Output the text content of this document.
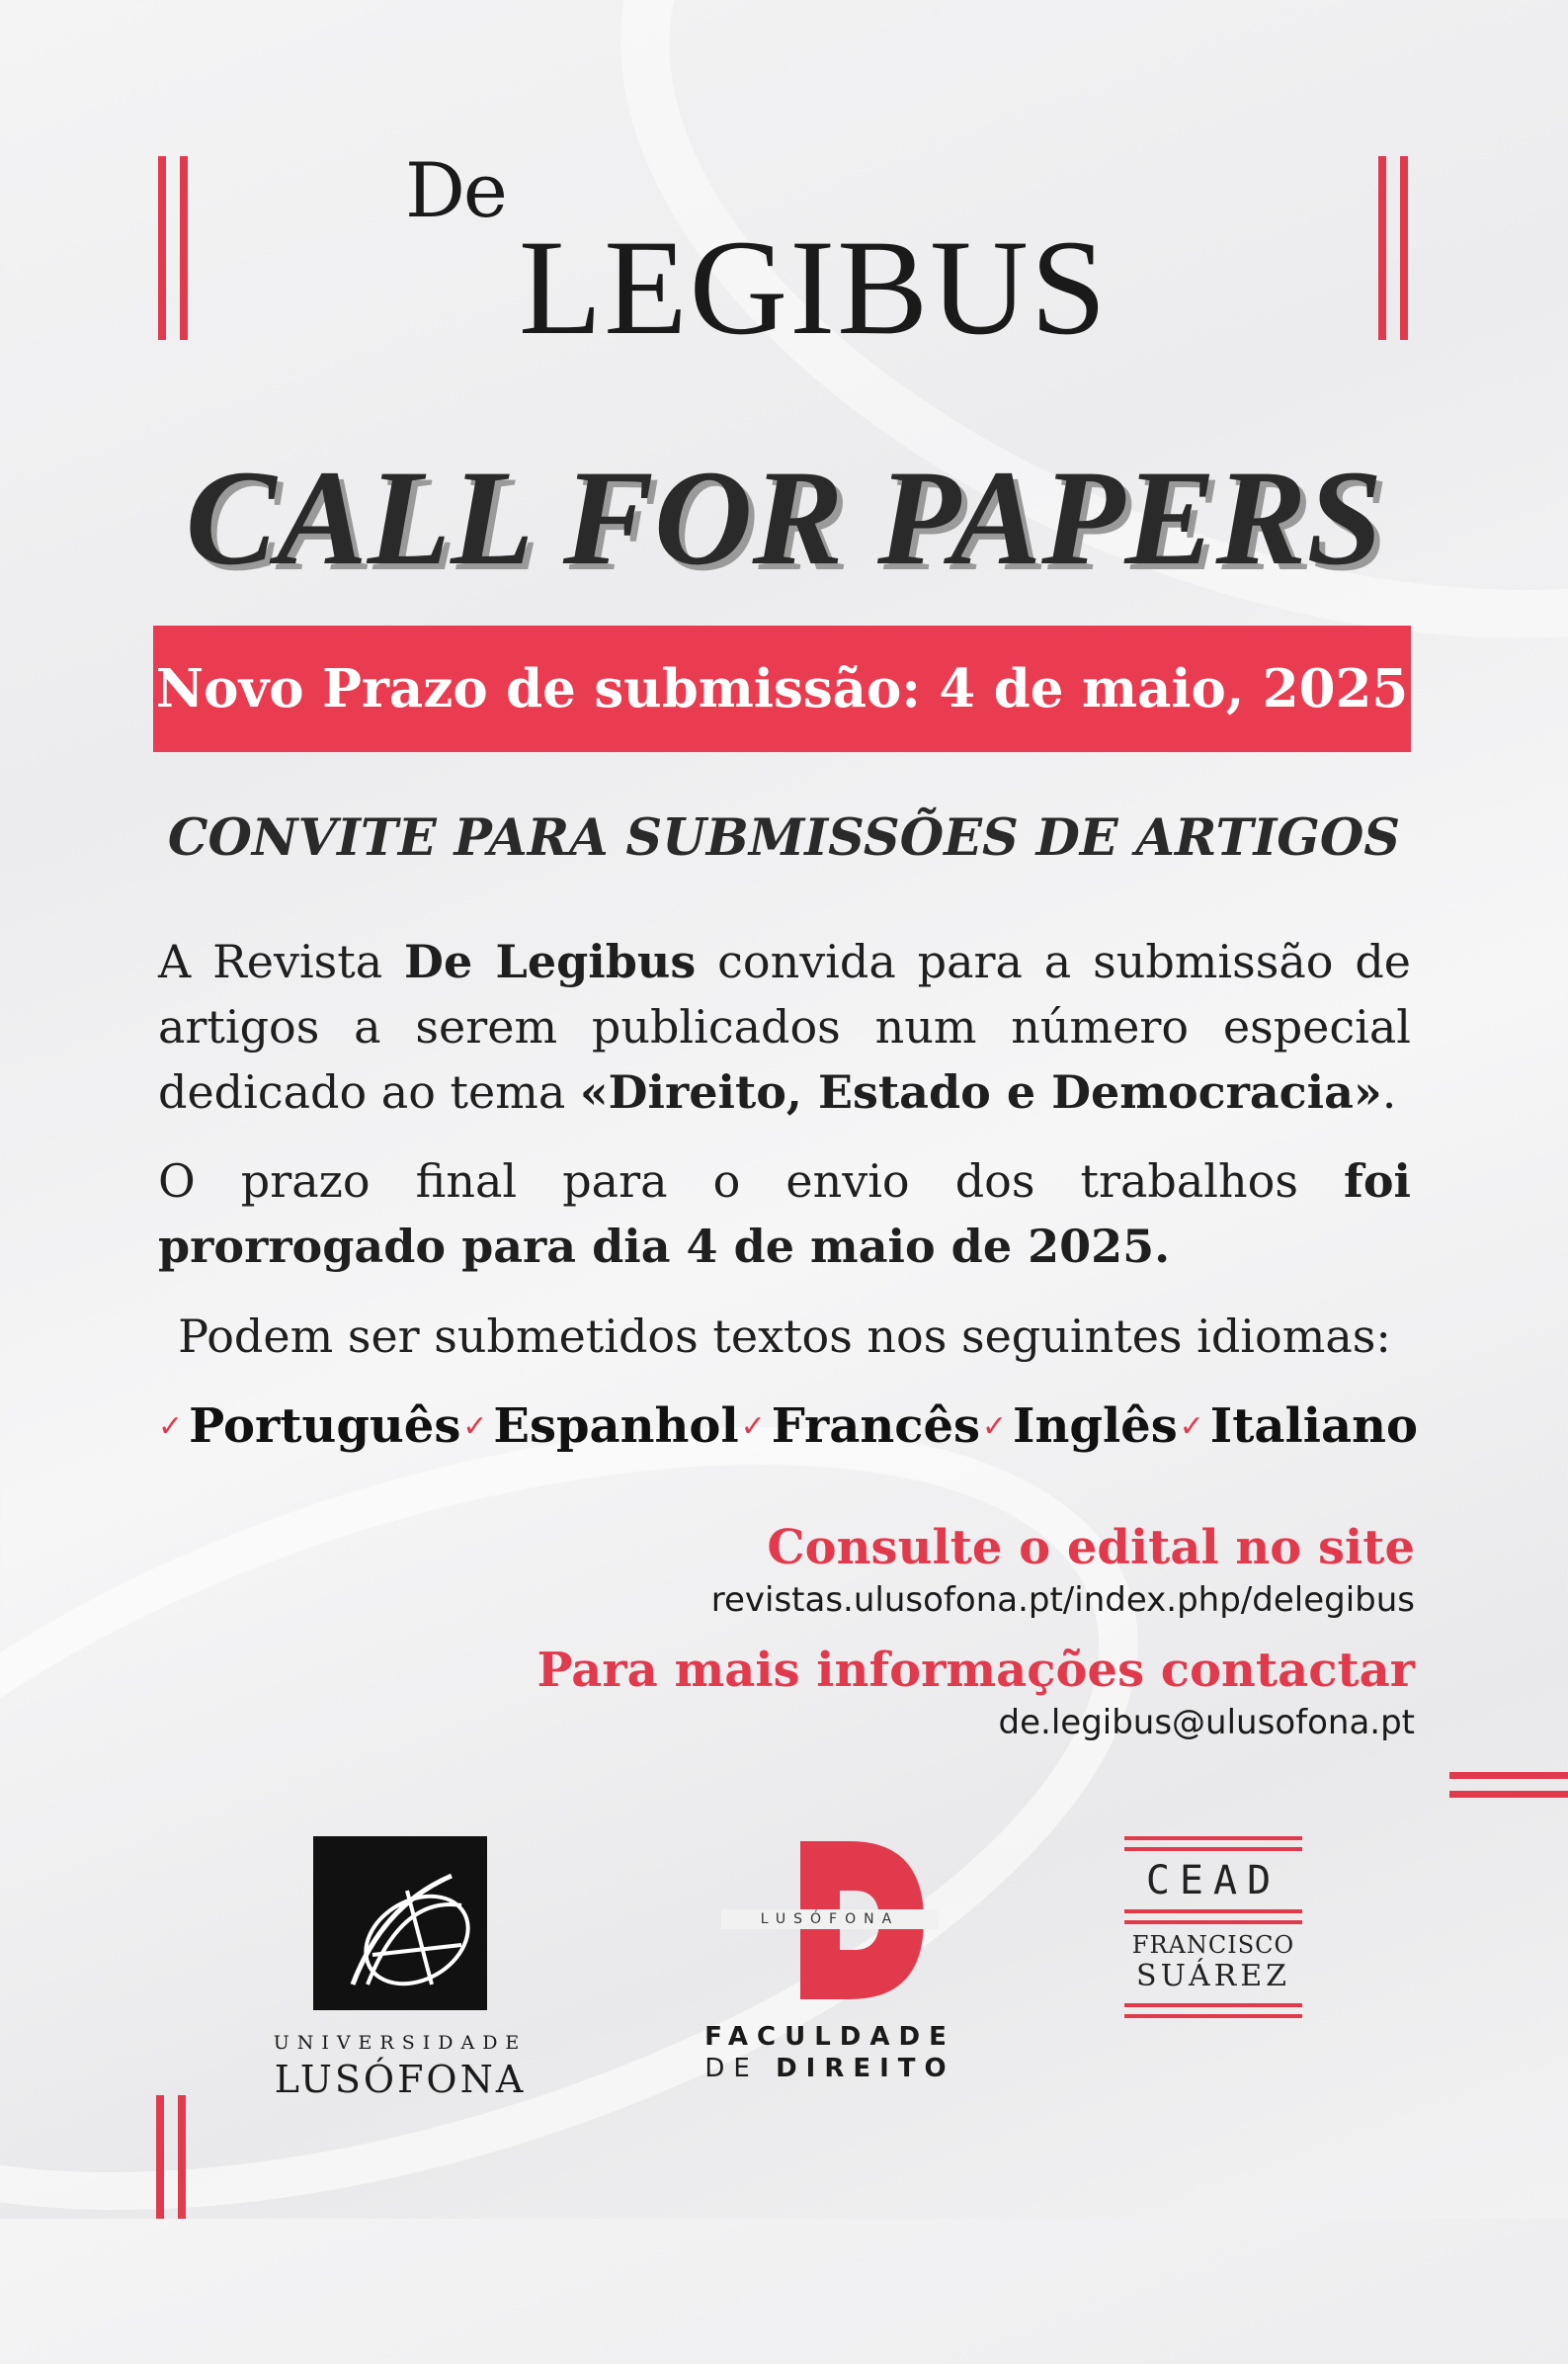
De
LEGIBUS
CALL FOR PAPERS
Novo Prazo de submissão:
4 de maio, 2025
CONVITE PARA SUBMISSÕES DE ARTIGOS
A Revista De Legibus convida para a submissão de artigos a serem publicados num número especial
dedicado ao tema «Direito, Estado e Democracia».
O prazo final para o envio dos trabalhos foi prorrogado para dia 4 de maio de 2025.
Podem ser submetidos textos nos seguintes idiomas:
✓ Português ✓ Espanhol ✓ Francês ✓ Inglês ✓ Italiano
Consulte o edital no site
revistas.ulusofona.pt/index.php/delegibus
Para mais informações contactar
de.legibus@ulusofona.pt
UNIVERSIDADE
LUSÓFONA
LUSÓFONA
FACULDADE
DE DIREITO
CEAD
FRANCISCO
SUÁREZ
